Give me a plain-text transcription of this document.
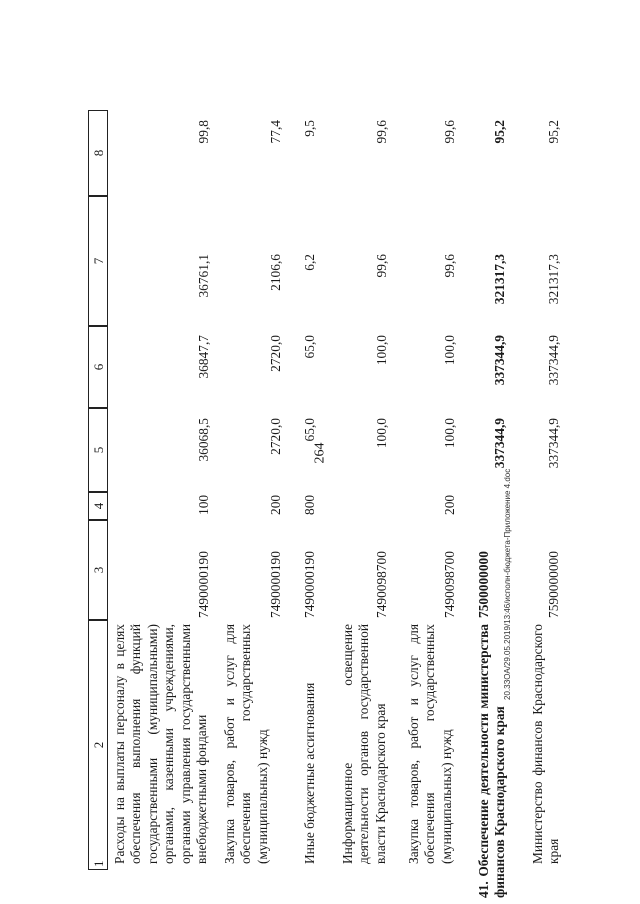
264
20.3ЗОА/29.05.2019/13:46/исполн-бюджета-Приложение 4.doc
1
2
3
4
5
6
7
8
Расходы на выплаты персоналу в целях обеспечения выполнения функций государственными (муниципальными) органами, казенными учреждениями, органами управления государственными внебюджетными фондами
7490000190
100
36068,5
36847,7
36761,1
99,8
Закупка товаров, работ и услуг для обеспечения государственных (муниципальных) нужд
7490000190
200
2720,0
2720,0
2106,6
77,4
Иные бюджетные ассигнования
7490000190
800
65,0
65,0
6,2
9,5
Информационное освещение деятельности органов государственной власти Краснодарского края
7490098700
100,0
100,0
99,6
99,6
Закупка товаров, работ и услуг для обеспечения государственных (муниципальных) нужд
7490098700
200
100,0
100,0
99,6
99,6
41. Обеспечение деятельности министерства финансов Краснодарского края
7500000000
337344,9
337344,9
321317,3
95,2
Министерство финансов Краснодарского края
7590000000
337344,9
337344,9
321317,3
95,2
